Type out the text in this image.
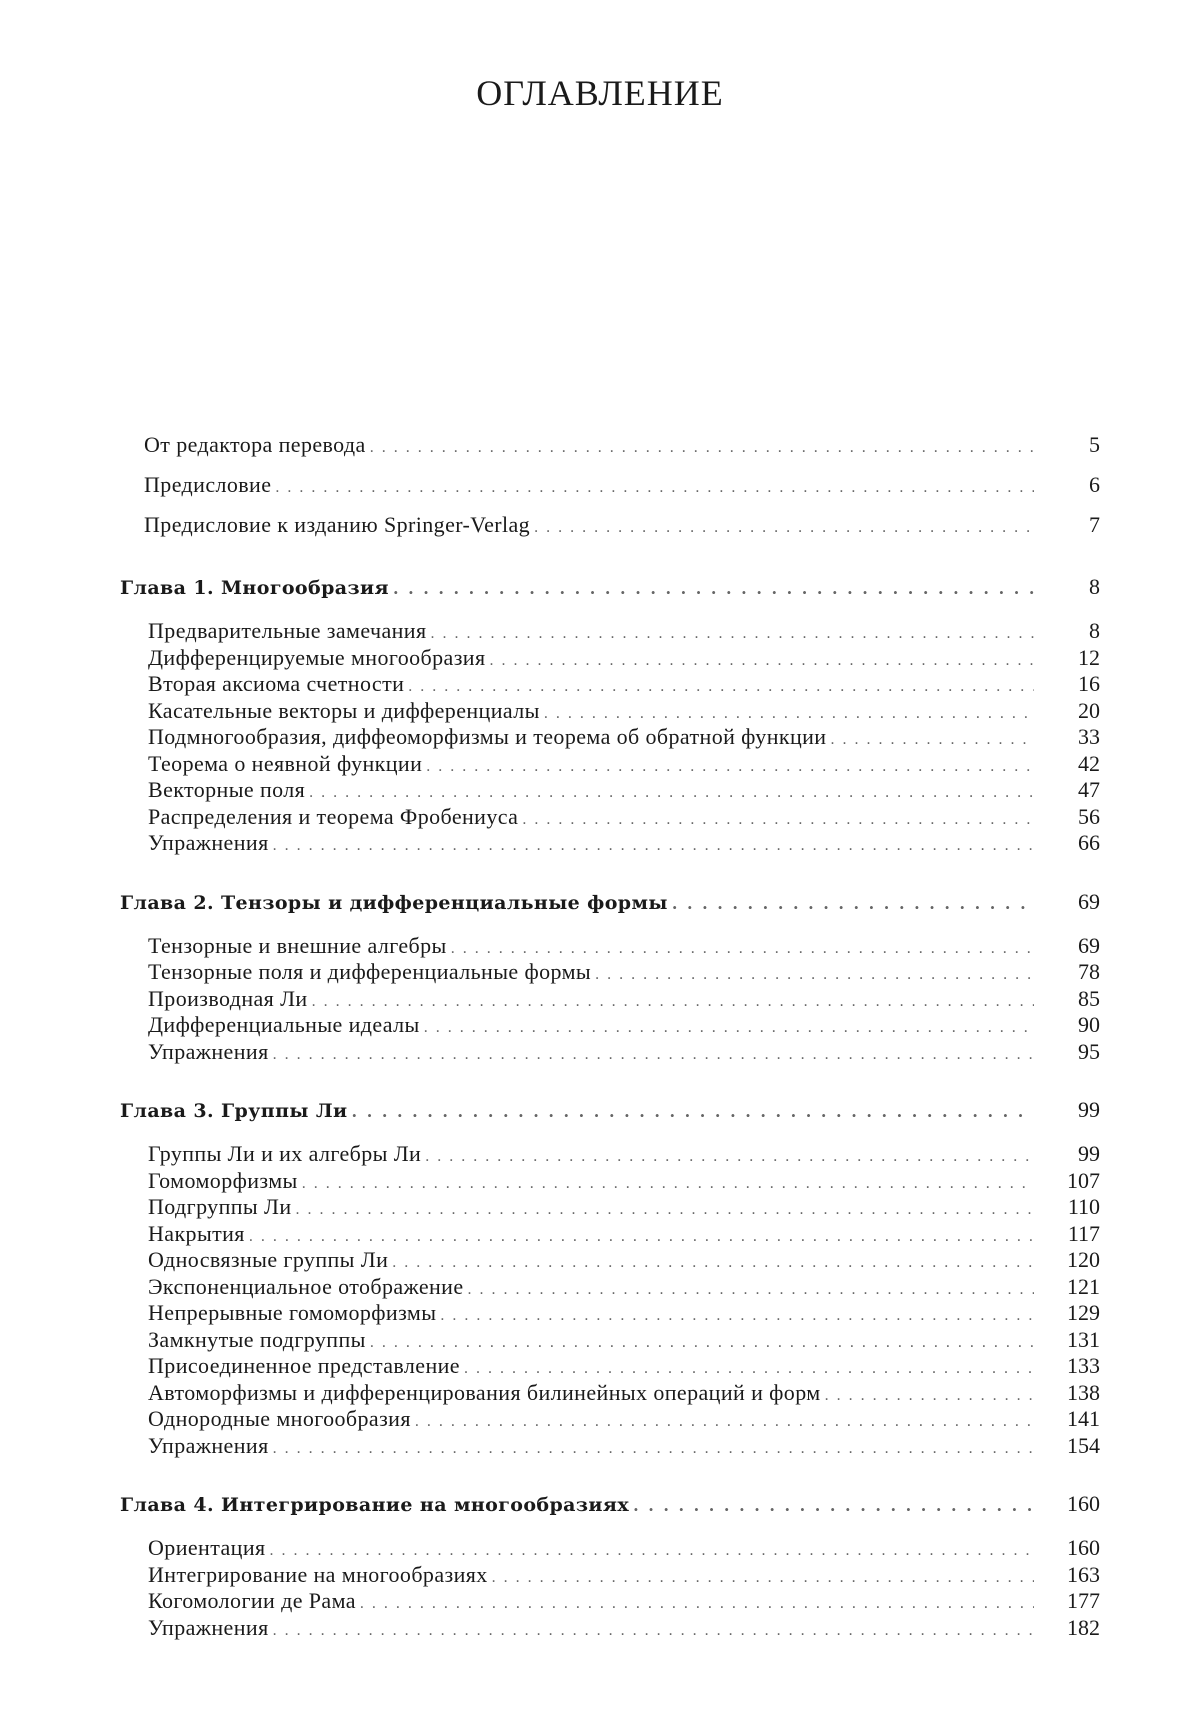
ОГЛАВЛЕНИЕ
От редактора перевода . . .	5
Предисловие . . .	6
Предисловие к изданию Springer-Verlag . . .	7
Глава 1. Многообразия . . .	8
Предварительные замечания . . .	8
Дифференцируемые многообразия . . .	12
Вторая аксиома счетности . . .	16
Касательные векторы и дифференциалы . . .	20
Подмногообразия, диффеоморфизмы и теорема об обратной функции . . .	33
Теорема о неявной функции . . .	42
Векторные поля . . .	47
Распределения и теорема Фробениуса . . .	56
Упражнения . . .	66
Глава 2. Тензоры и дифференциальные формы . . .	69
Тензорные и внешние алгебры . . .	69
Тензорные поля и дифференциальные формы . . .	78
Производная Ли . . .	85
Дифференциальные идеалы . . .	90
Упражнения . . .	95
Глава 3. Группы Ли . . .	99
Группы Ли и их алгебры Ли . . .	99
Гомоморфизмы . . .	107
Подгруппы Ли . . .	110
Накрытия . . .	117
Односвязные группы Ли . . .	120
Экспоненциальное отображение . . .	121
Непрерывные гомоморфизмы . . .	129
Замкнутые подгруппы . . .	131
Присоединенное представление . . .	133
Автоморфизмы и дифференцирования билинейных операций и форм . . .	138
Однородные многообразия . . .	141
Упражнения . . .	154
Глава 4. Интегрирование на многообразиях . . .	160
Ориентация . . .	160
Интегрирование на многообразиях . . .	163
Когомологии де Рама . . .	177
Упражнения . . .	182
